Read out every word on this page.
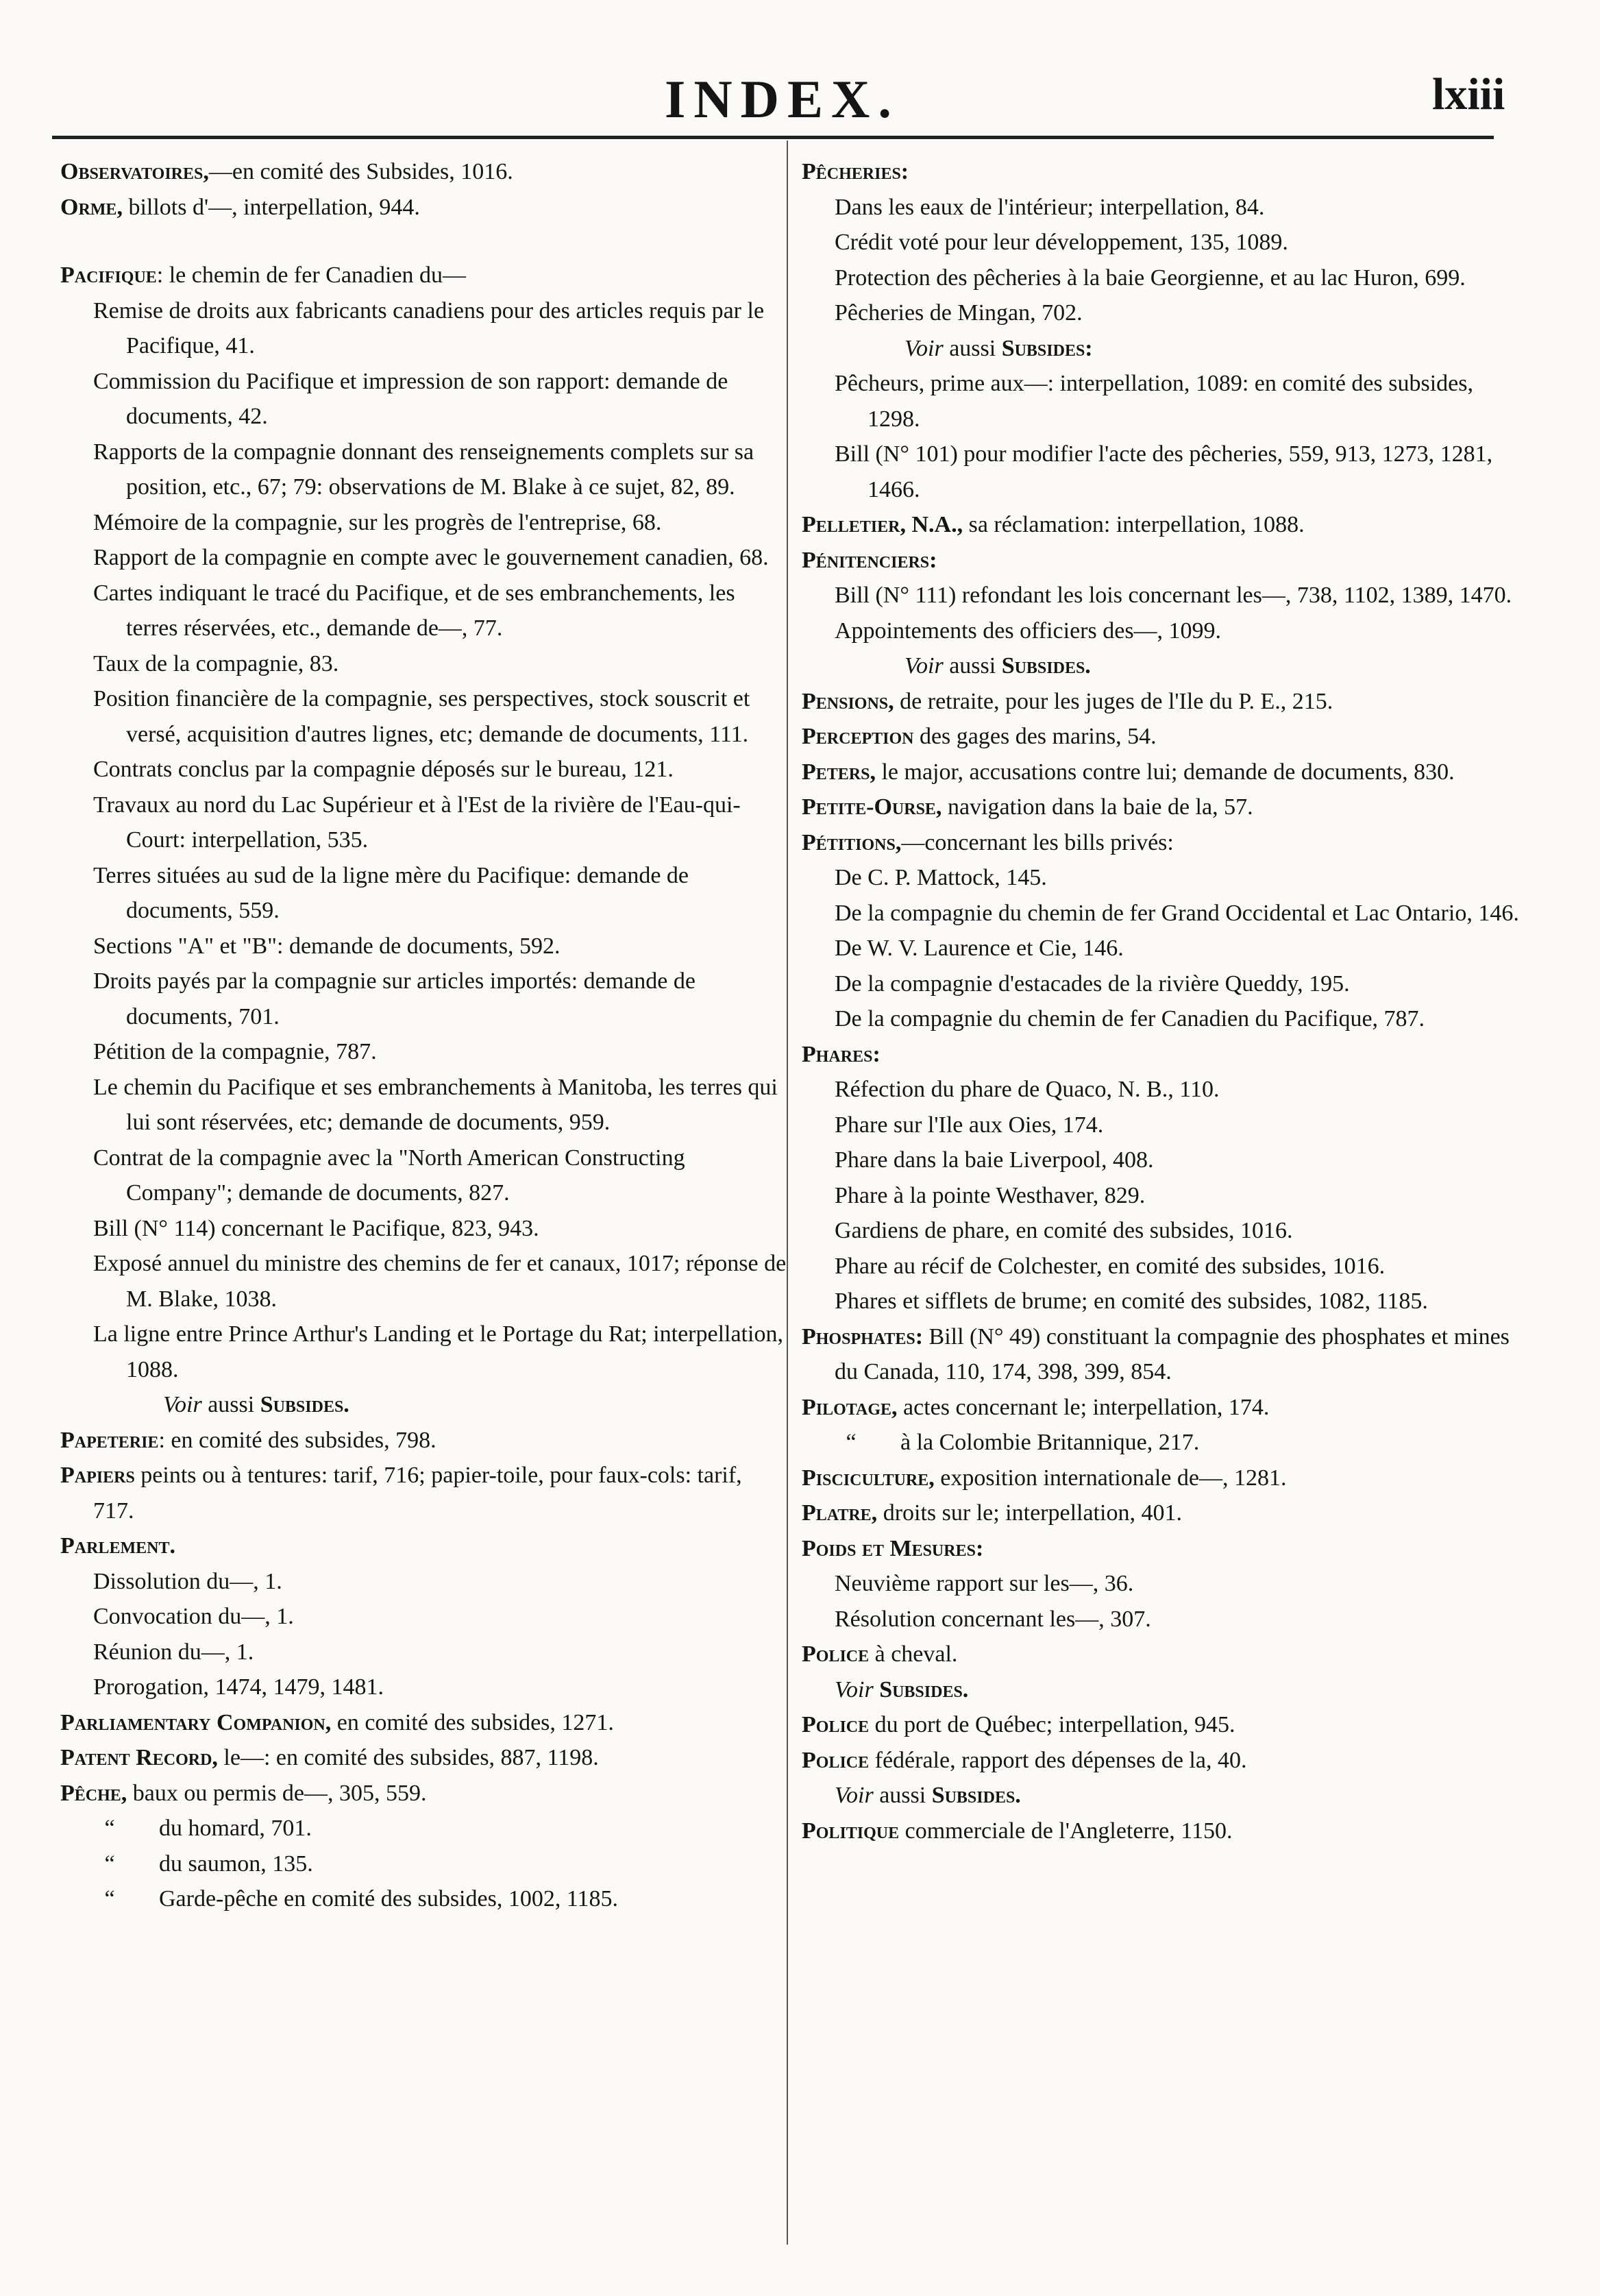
INDEX.	lxiii
Observatoires,—en comité des Subsides, 1016.
Orme, billots d'—, interpellation, 944.
Pacifique: le chemin de fer Canadien du—
Remise de droits aux fabricants canadiens pour des articles requis par le Pacifique, 41.
Commission du Pacifique et impression de son rapport: demande de documents, 42.
Rapports de la compagnie donnant des renseignements complets sur sa position, etc., 67; 79: observations de M. Blake à ce sujet, 82, 89.
Mémoire de la compagnie, sur les progrès de l'entreprise, 68.
Rapport de la compagnie en compte avec le gouvernement canadien, 68.
Cartes indiquant le tracé du Pacifique, et de ses embranchements, les terres réservées, etc., demande de—, 77.
Taux de la compagnie, 83.
Position financière de la compagnie, ses perspectives, stock souscrit et versé, acquisition d'autres lignes, etc; demande de documents, 111.
Contrats conclus par la compagnie déposés sur le bureau, 121.
Travaux au nord du Lac Supérieur et à l'Est de la rivière de l'Eau-qui-Court: interpellation, 535.
Terres situées au sud de la ligne mère du Pacifique: demande de documents, 559.
Sections "A" et "B": demande de documents, 592.
Droits payés par la compagnie sur articles importés: demande de documents, 701.
Pétition de la compagnie, 787.
Le chemin du Pacifique et ses embranchements à Manitoba, les terres qui lui sont réservées, etc; demande de documents, 959.
Contrat de la compagnie avec la "North American Constructing Company"; demande de documents, 827.
Bill (N° 114) concernant le Pacifique, 823, 943.
Exposé annuel du ministre des chemins de fer et canaux, 1017; réponse de M. Blake, 1038.
La ligne entre Prince Arthur's Landing et le Portage du Rat; interpellation, 1088.
Voir aussi Subsides.
Papeterie: en comité des subsides, 798.
Papiers peints ou à tentures: tarif, 716; papier-toile, pour faux-cols: tarif, 717.
Parlement.
Dissolution du—, 1.
Convocation du—, 1.
Réunion du—, 1.
Prorogation, 1474, 1479, 1481.
Parliamentary Companion, en comité des subsides, 1271.
Patent Record, le—: en comité des subsides, 887, 1198.
Pêche, baux ou permis de—, 305, 559.
“ du homard, 701.
“ du saumon, 135.
“ Garde-pêche en comité des subsides, 1002, 1185.
Pêcheries:
Dans les eaux de l'intérieur; interpellation, 84.
Crédit voté pour leur développement, 135, 1089.
Protection des pêcheries à la baie Georgienne, et au lac Huron, 699.
Pêcheries de Mingan, 702.
Voir aussi Subsides:
Pêcheurs, prime aux—: interpellation, 1089: en comité des subsides, 1298.
Bill (N° 101) pour modifier l'acte des pêcheries, 559, 913, 1273, 1281, 1466.
Pelletier, N.A., sa réclamation: interpellation, 1088.
Pénitenciers:
Bill (N° 111) refondant les lois concernant les—, 738, 1102, 1389, 1470.
Appointements des officiers des—, 1099.
Voir aussi Subsides.
Pensions, de retraite, pour les juges de l'Ile du P. E., 215.
Perception des gages des marins, 54.
Peters, le major, accusations contre lui; demande de documents, 830.
Petite-Ourse, navigation dans la baie de la, 57.
Pétitions,—concernant les bills privés:
De C. P. Mattock, 145.
De la compagnie du chemin de fer Grand Occidental et Lac Ontario, 146.
De W. V. Laurence et Cie, 146.
De la compagnie d'estacades de la rivière Queddy, 195.
De la compagnie du chemin de fer Canadien du Pacifique, 787.
Phares:
Réfection du phare de Quaco, N. B., 110.
Phare sur l'Ile aux Oies, 174.
Phare dans la baie Liverpool, 408.
Phare à la pointe Westhaver, 829.
Gardiens de phare, en comité des subsides, 1016.
Phare au récif de Colchester, en comité des subsides, 1016.
Phares et sifflets de brume; en comité des subsides, 1082, 1185.
Phosphates: Bill (N° 49) constituant la compagnie des phosphates et mines du Canada, 110, 174, 398, 399, 854.
Pilotage, actes concernant le; interpellation, 174.
“ à la Colombie Britannique, 217.
Pisciculture, exposition internationale de—, 1281.
Platre, droits sur le; interpellation, 401.
Poids et Mesures:
Neuvième rapport sur les—, 36.
Résolution concernant les—, 307.
Police à cheval.
Voir Subsides.
Police du port de Québec; interpellation, 945.
Police fédérale, rapport des dépenses de la, 40.
Voir aussi Subsides.
Politique commerciale de l'Angleterre, 1150.
